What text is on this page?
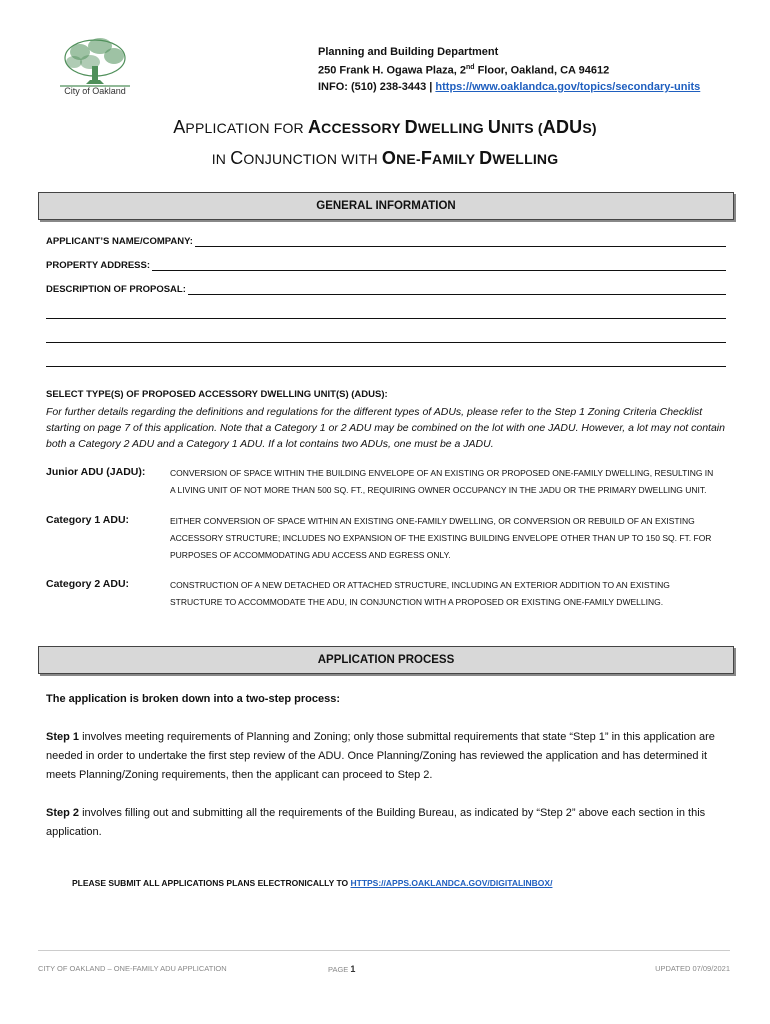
City of Oakland
Planning and Building Department
250 Frank H. Ogawa Plaza, 2nd Floor, Oakland, CA 94612
INFO: (510) 238-3443 | https://www.oaklandca.gov/topics/secondary-units
APPLICATION FOR ACCESSORY DWELLING UNITS (ADUS)
IN CONJUNCTION WITH ONE-FAMILY DWELLING
GENERAL INFORMATION
APPLICANT’S NAME/COMPANY:
PROPERTY ADDRESS:
DESCRIPTION OF PROPOSAL:
SELECT TYPE(S) OF PROPOSED ACCESSORY DWELLING UNIT(S) (ADUS):
For further details regarding the definitions and regulations for the different types of ADUs, please refer to the Step 1 Zoning Criteria Checklist starting on page 7 of this application. Note that a Category 1 or 2 ADU may be combined on the lot with one JADU. However, a lot may not contain both a Category 2 ADU and a Category 1 ADU. If a lot contains two ADUs, one must be a JADU.
Junior ADU (JADU):	CONVERSION OF SPACE WITHIN THE BUILDING ENVELOPE OF AN EXISTING OR PROPOSED ONE-FAMILY DWELLING, RESULTING IN A LIVING UNIT OF NOT MORE THAN 500 SQ. FT., REQUIRING OWNER OCCUPANCY IN THE JADU OR THE PRIMARY DWELLING UNIT.
Category 1 ADU:	EITHER CONVERSION OF SPACE WITHIN AN EXISTING ONE-FAMILY DWELLING, OR CONVERSION OR REBUILD OF AN EXISTING ACCESSORY STRUCTURE; INCLUDES NO EXPANSION OF THE EXISTING BUILDING ENVELOPE OTHER THAN UP TO 150 SQ. FT. FOR PURPOSES OF ACCOMMODATING ADU ACCESS AND EGRESS ONLY.
Category 2 ADU:	CONSTRUCTION OF A NEW DETACHED OR ATTACHED STRUCTURE, INCLUDING AN EXTERIOR ADDITION TO AN EXISTING STRUCTURE TO ACCOMMODATE THE ADU, IN CONJUNCTION WITH A PROPOSED OR EXISTING ONE-FAMILY DWELLING.
APPLICATION PROCESS
The application is broken down into a two-step process:
Step 1 involves meeting requirements of Planning and Zoning; only those submittal requirements that state “Step 1” in this application are needed in order to undertake the first step review of the ADU. Once Planning/Zoning has reviewed the application and has determined it meets Planning/Zoning requirements, then the applicant can proceed to Step 2.
Step 2 involves filling out and submitting all the requirements of the Building Bureau, as indicated by “Step 2” above each section in this application.
PLEASE SUBMIT ALL APPLICATIONS PLANS ELECTRONICALLY TO HTTPS://APPS.OAKLANDCA.GOV/DIGITALINBOX/
CITY OF OAKLAND – ONE-FAMILY ADU APPLICATION	PAGE 1	UPDATED 07/09/2021
